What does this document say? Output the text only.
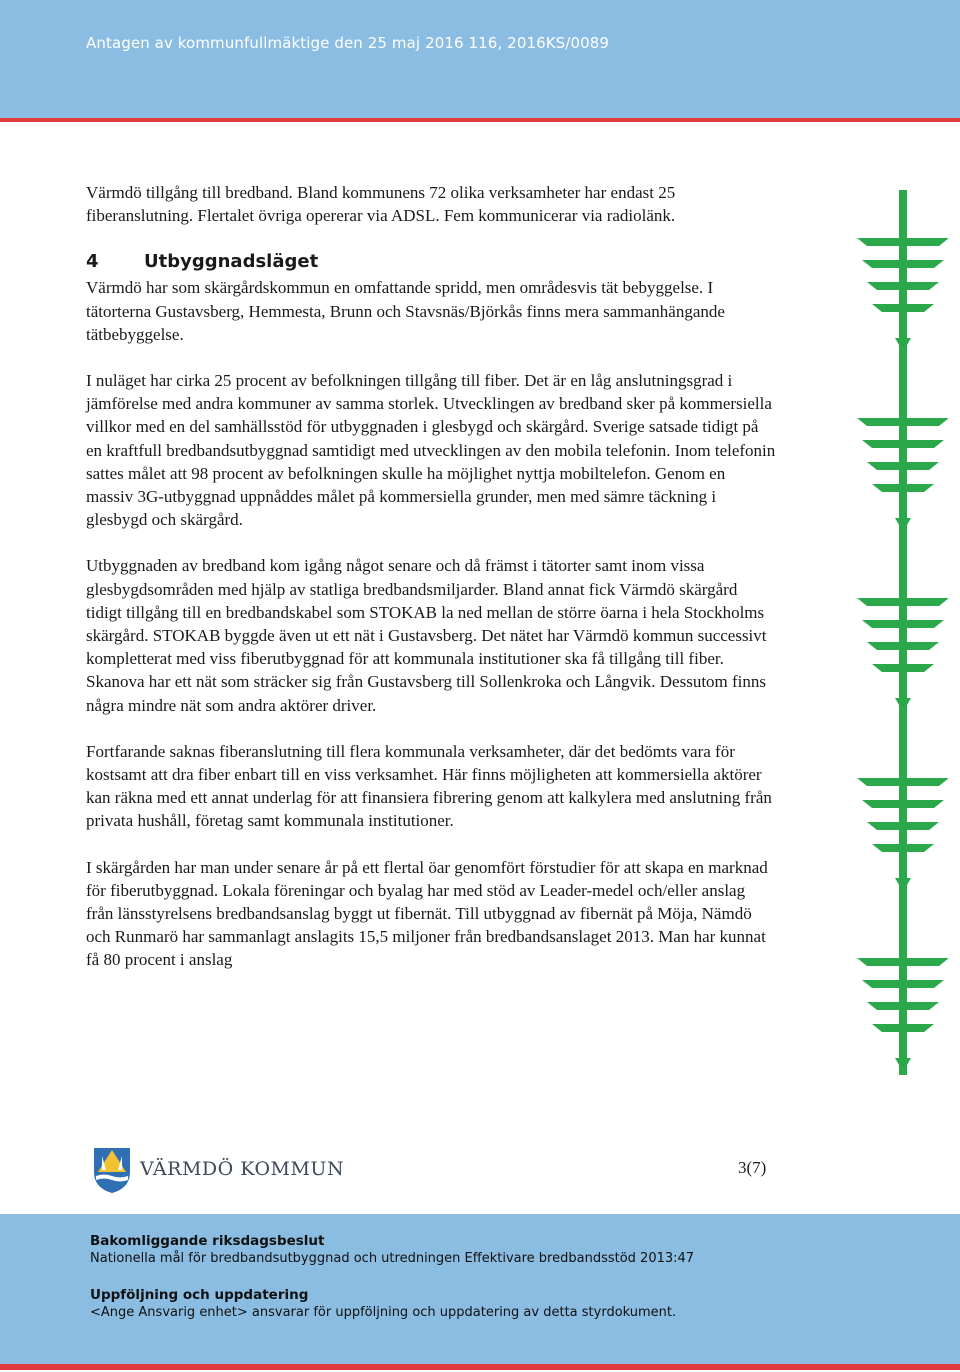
Antagen av kommunfullmäktige den 25 maj 2016 116, 2016KS/0089

Värmdö tillgång till bredband. Bland kommunens 72 olika verksamheter har endast 25 fiberanslutning. Flertalet övriga opererar via ADSL. Fem kommunicerar via radiolänk.

4	Utbyggnadsläget

Värmdö har som skärgårdskommun en omfattande spridd, men områdesvis tät bebyggelse. I tätorterna Gustavsberg, Hemmesta, Brunn och Stavsnäs/Björkås finns mera sammanhängande tätbebyggelse.

I nuläget har cirka 25 procent av befolkningen tillgång till fiber. Det är en låg anslutningsgrad i jämförelse med andra kommuner av samma storlek. Utvecklingen av bredband sker på kommersiella villkor med en del samhällsstöd för utbyggnaden i glesbygd och skärgård. Sverige satsade tidigt på en kraftfull bredbandsutbyggnad samtidigt med utvecklingen av den mobila telefonin. Inom telefonin sattes målet att 98 procent av befolkningen skulle ha möjlighet nyttja mobiltelefon. Genom en massiv 3G-utbyggnad uppnåddes målet på kommersiella grunder, men med sämre täckning i glesbygd och skärgård.

Utbyggnaden av bredband kom igång något senare och då främst i tätorter samt inom vissa glesbygdsområden med hjälp av statliga bredbandsmiljarder. Bland annat fick Värmdö skärgård tidigt tillgång till en bredbandskabel som STOKAB la ned mellan de större öarna i hela Stockholms skärgård. STOKAB byggde även ut ett nät i Gustavsberg. Det nätet har Värmdö kommun successivt kompletterat med viss fiberutbyggnad för att kommunala institutioner ska få tillgång till fiber. Skanova har ett nät som sträcker sig från Gustavsberg till Sollenkroka och Långvik. Dessutom finns några mindre nät som andra aktörer driver.

Fortfarande saknas fiberanslutning till flera kommunala verksamheter, där det bedömts vara för kostsamt att dra fiber enbart till en viss verksamhet. Här finns möjligheten att kommersiella aktörer kan räkna med ett annat underlag för att finansiera fibrering genom att kalkylera med anslutning från privata hushåll, företag samt kommunala institutioner.

I skärgården har man under senare år på ett flertal öar genomfört förstudier för att skapa en marknad för fiberutbyggnad. Lokala föreningar och byalag har med stöd av Leader-medel och/eller anslag från länsstyrelsens bredbandsanslag byggt ut fibernät. Till utbyggnad av fibernät på Möja, Nämdö och Runmarö har sammanlagt anslagits 15,5 miljoner från bredbandsanslaget 2013. Man har kunnat få 80 procent i anslag

VÄRMDÖ KOMMUN	3(7)
Bakomliggande riksdagsbeslut
Nationella mål för bredbandsutbyggnad och utredningen Effektivare bredbandsstöd 2013:47
Uppföljning och uppdatering
<Ange Ansvarig enhet> ansvarar för uppföljning och uppdatering av detta styrdokument.
